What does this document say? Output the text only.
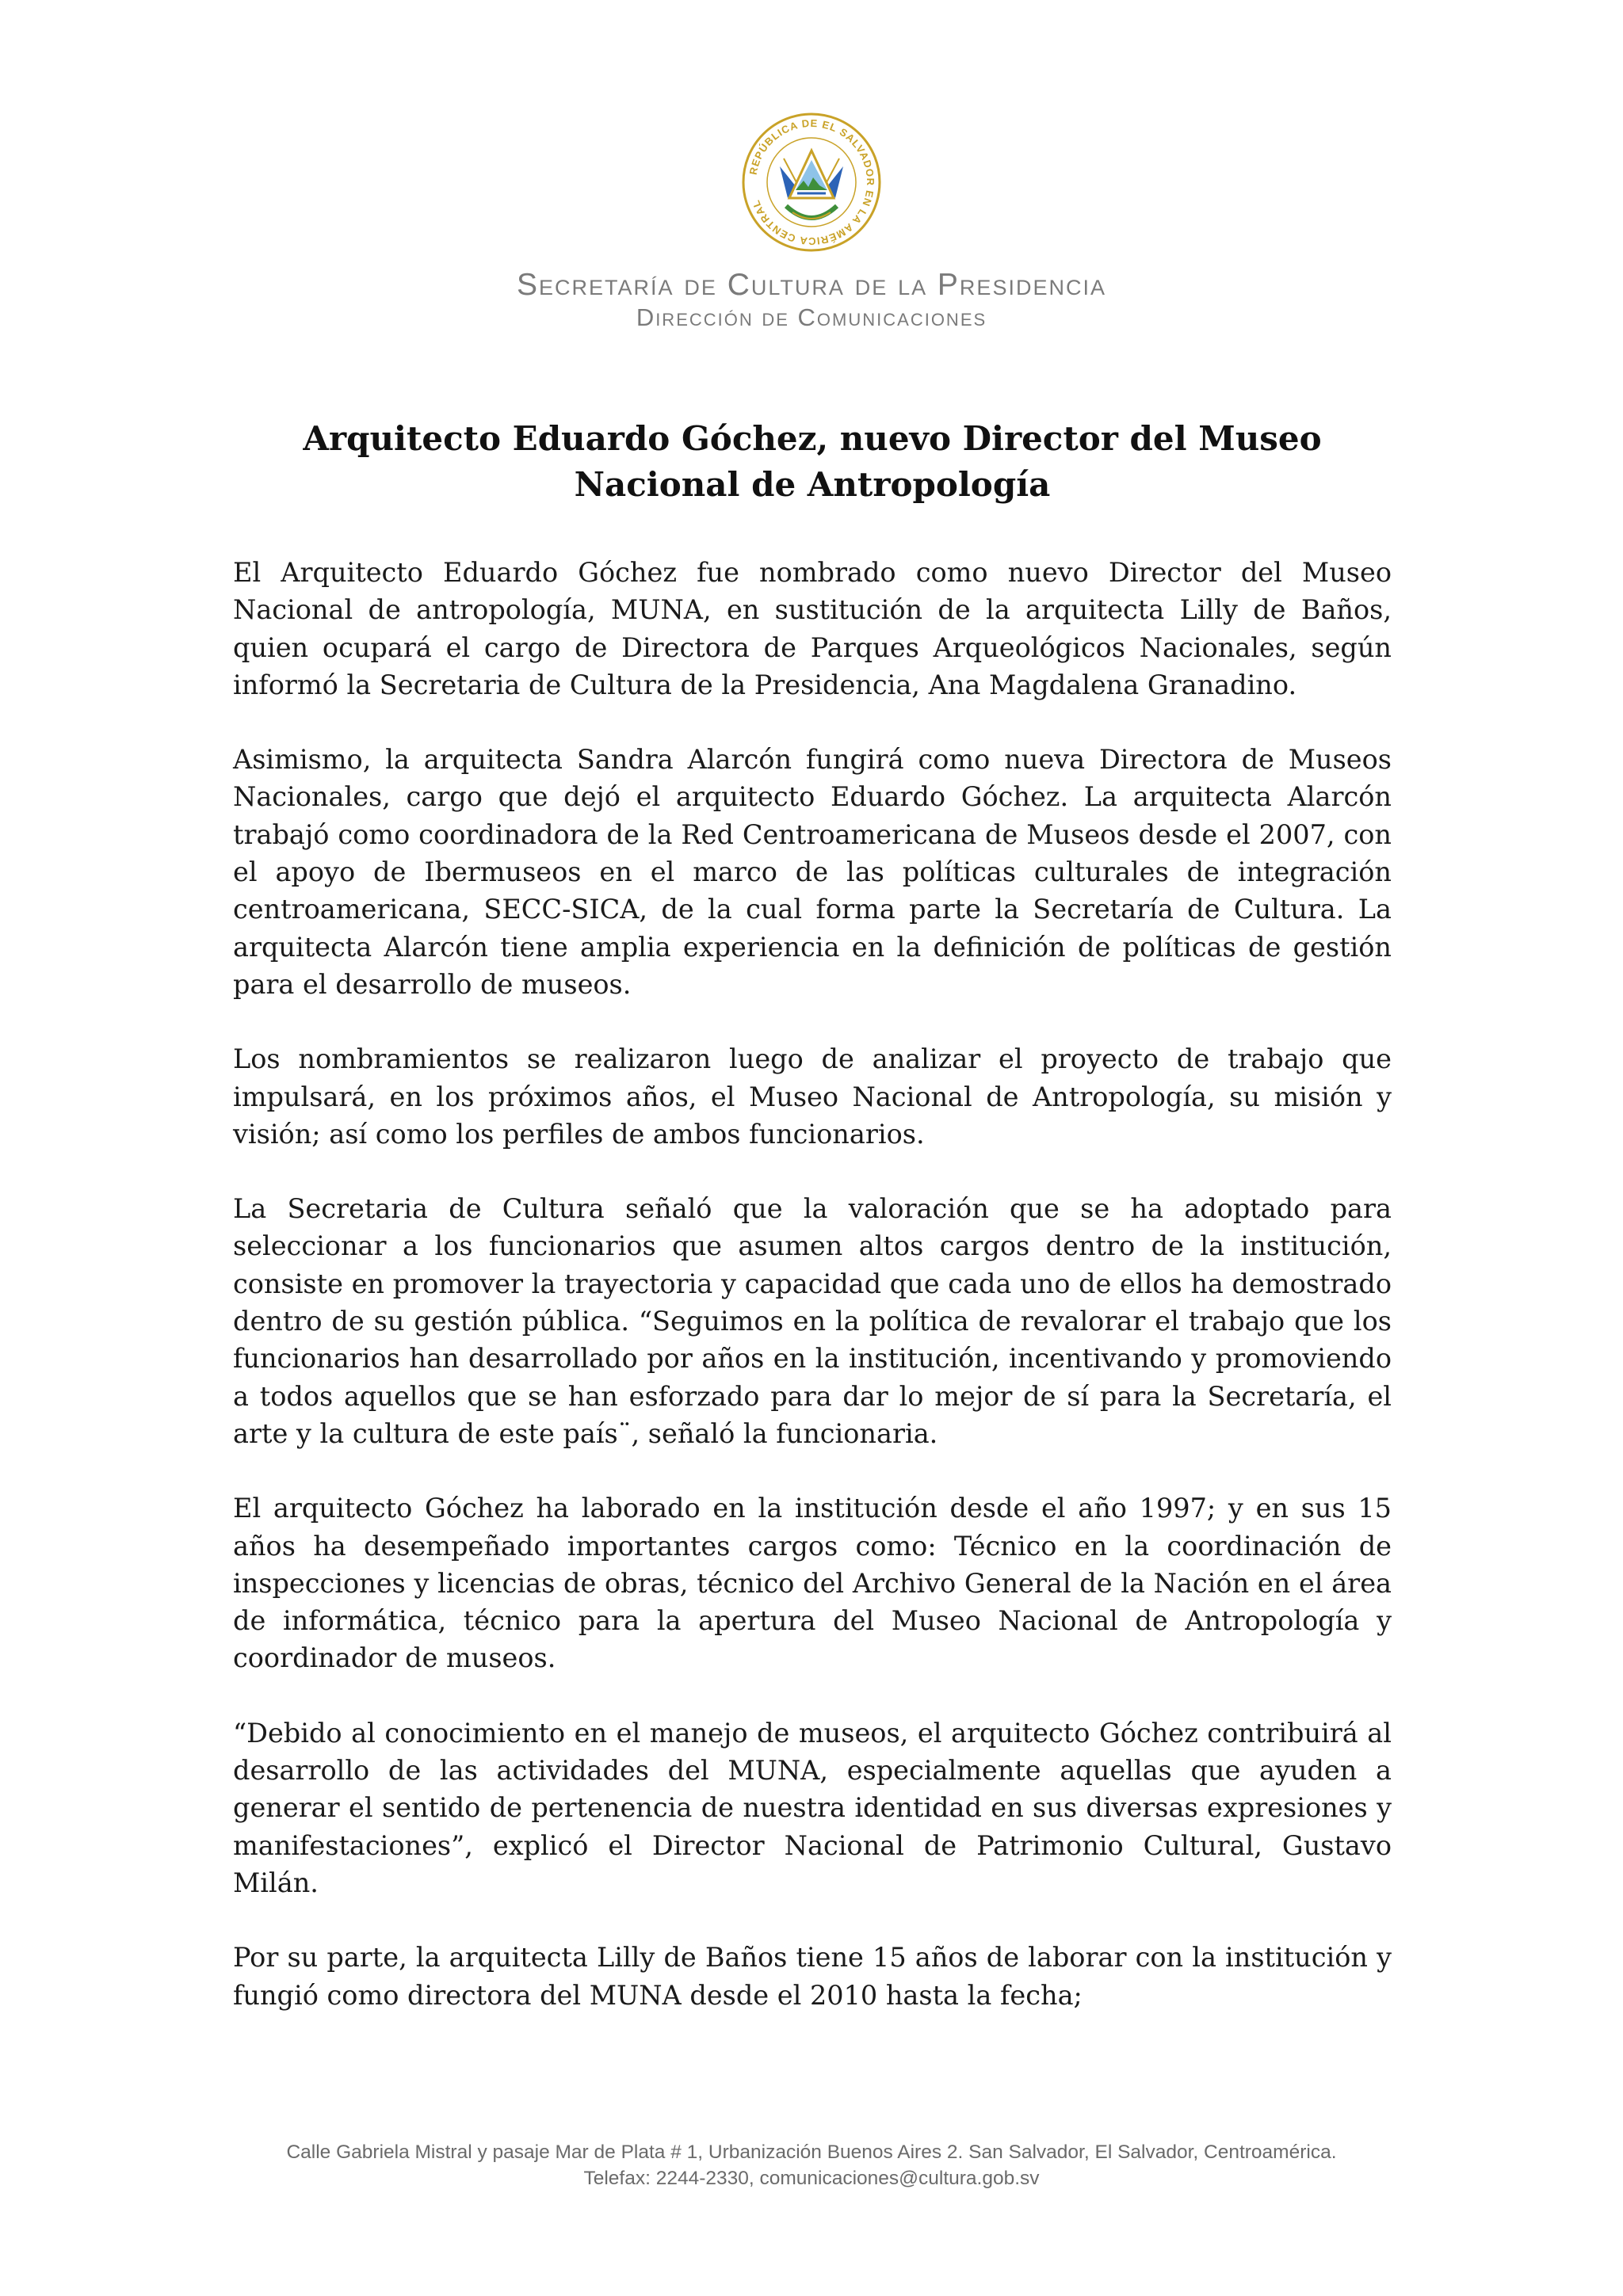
REPÚBLICA DE EL SALVADOR EN LA AMÉRICA CENTRAL
Secretaría de Cultura de la Presidencia
Dirección de Comunicaciones
Arquitecto Eduardo Góchez, nuevo Director del Museo
Nacional de Antropología

El Arquitecto Eduardo Góchez fue nombrado como nuevo Director del Museo Nacional de antropología, MUNA, en sustitución de la arquitecta Lilly de Baños, quien ocupará el cargo de Directora de Parques Arqueológicos Nacionales, según informó la Secretaria de Cultura de la Presidencia, Ana Magdalena Granadino.

Asimismo, la arquitecta Sandra Alarcón fungirá como nueva Directora de Museos Nacionales, cargo que dejó el arquitecto Eduardo Góchez. La arquitecta Alarcón trabajó como coordinadora de la Red Centroamericana de Museos desde el 2007, con el apoyo de Ibermuseos en el marco de las políticas culturales de integración centroamericana, SECC-SICA, de la cual forma parte la Secretaría de Cultura. La arquitecta Alarcón tiene amplia experiencia en la definición de políticas de gestión para el desarrollo de museos.

Los nombramientos se realizaron luego de analizar el proyecto de trabajo que impulsará, en los próximos años, el Museo Nacional de Antropología, su misión y visión; así como los perfiles de ambos funcionarios.

La Secretaria de Cultura señaló que la valoración que se ha adoptado para seleccionar a los funcionarios que asumen altos cargos dentro de la institución, consiste en promover la trayectoria y capacidad que cada uno de ellos ha demostrado dentro de su gestión pública. “Seguimos en la política de revalorar el trabajo que los funcionarios han desarrollado por años en la institución, incentivando y promoviendo a todos aquellos que se han esforzado para dar lo mejor de sí para la Secretaría, el arte y la cultura de este país¨, señaló la funcionaria.

El arquitecto Góchez ha laborado en la institución desde el año 1997; y en sus 15 años ha desempeñado importantes cargos como: Técnico en la coordinación de inspecciones y licencias de obras, técnico del Archivo General de la Nación en el área de informática, técnico para la apertura del Museo Nacional de Antropología y coordinador de museos.

“Debido al conocimiento en el manejo de museos, el arquitecto Góchez contribuirá al desarrollo de las actividades del MUNA, especialmente aquellas que ayuden a generar el sentido de pertenencia de nuestra identidad en sus diversas expresiones y manifestaciones”, explicó el Director Nacional de Patrimonio Cultural, Gustavo Milán.

Por su parte, la arquitecta Lilly de Baños tiene 15 años de laborar con la institución y fungió como directora del MUNA desde el 2010 hasta la fecha;

Calle Gabriela Mistral y pasaje Mar de Plata # 1, Urbanización Buenos Aires 2. San Salvador, El Salvador, Centroamérica.
Telefax: 2244-2330, comunicaciones@cultura.gob.sv
